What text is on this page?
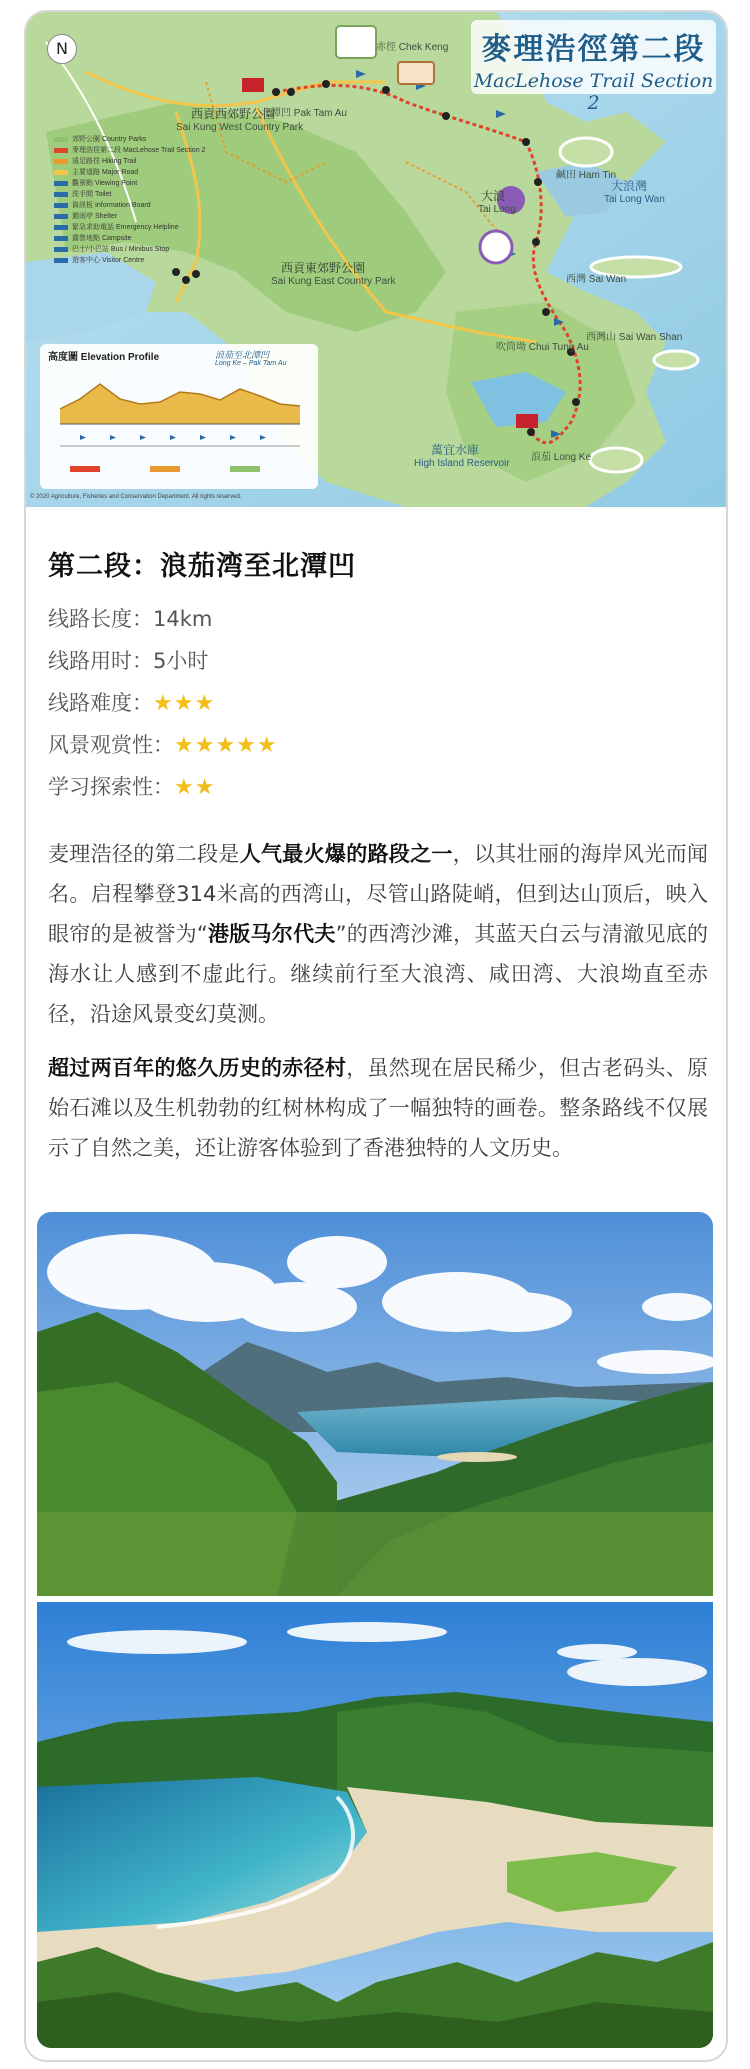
N	麥理浩徑第二段
MacLehose Trail Section 2
郊野公園 Country Parks
麥理浩徑第二段 MacLehose Trail Section 2
遠足路徑 Hiking Trail
主要道路 Major Road
觀景點 Viewing Point
洗手間 Toilet
資訊板 Information Board
避雨亭 Shelter
緊急求助電話 Emergency Helpline
露營地點 Campsite
巴士/小巴站 Bus / Minibus Stop
遊客中心 Visitor Centre
西貢西郊野公園
Sai Kung West Country Park
西貢東郊野公園
Sai Kung East Country Park
大浪
Tai Long
大浪灣
Tai Long Wan
萬宜水庫
High Island Reservoir
赤徑 Chek Keng
北潭凹 Pak Tam Au
西灣 Sai Wan
浪茄 Long Ke
鹹田 Ham Tin
吹筒坳 Chui Tung Au
西灣山 Sai Wan Shan
高度圖 Elevation Profile	浪茄至北潭凹
Long Ke – Pak Tam Au
© 2020 Agriculture, Fisheries and Conservation Department. All rights reserved.
第二段：浪茄湾至北潭凹
线路长度：14km
线路用时：5小时
线路难度：★★★
风景观赏性：★★★★★
学习探索性：★★
麦理浩径的第二段是人气最火爆的路段之一，以其壮丽的海岸风光而闻名。启程攀登314米高的西湾山，尽管山路陡峭，但到达山顶后，映入眼帘的是被誉为“港版马尔代夫”的西湾沙滩，其蓝天白云与清澈见底的海水让人感到不虚此行。继续前行至大浪湾、咸田湾、大浪坳直至赤径，沿途风景变幻莫测。
超过两百年的悠久历史的赤径村，虽然现在居民稀少，但古老码头、原始石滩以及生机勃勃的红树林构成了一幅独特的画卷。整条路线不仅展示了自然之美，还让游客体验到了香港独特的人文历史。
